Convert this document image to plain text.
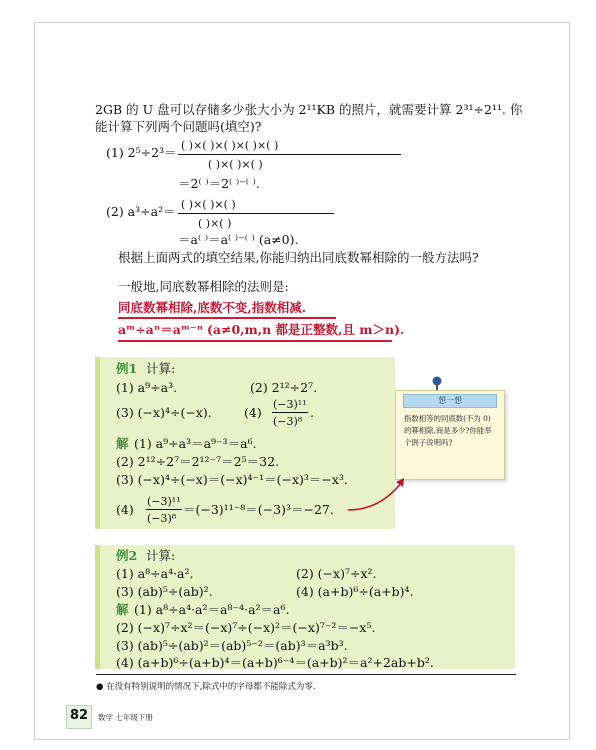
2GB 的 U 盘可以存储多少张大小为 2¹¹KB 的照片，就需要计算 2³¹÷2¹¹. 你
能计算下列两个问题吗(填空)?
(1) 2⁵÷2³＝ ( )×( )×( )×( )×( )
( )×( )×( )
＝2⁽ ⁾＝2⁽ ⁾⁻⁽ ⁾.
(2) a³÷a²＝ ( )×( )×( )
( )×( )
＝a⁽ ⁾＝a⁽ ⁾⁻⁽ ⁾ (a≠0).
根据上面两式的填空结果,你能归纳出同底数幂相除的一般方法吗?
一般地,同底数幂相除的法则是:
同底数幂相除,底数不变,指数相减.
aᵐ÷aⁿ＝aᵐ⁻ⁿ (a≠0,m,n 都是正整数,且 m＞n).
例1 计算:
(1) a⁹÷a³.	(2) 2¹²÷2⁷.
(3) (−x)⁴÷(−x).	(4)
(−3)¹¹
(−3)⁸
.
解 (1) a⁹÷a³＝a⁹⁻³＝a⁶.
(2) 2¹²÷2⁷＝2¹²⁻⁷＝2⁵＝32.
(3) (−x)⁴÷(−x)＝(−x)⁴⁻¹＝(−x)³＝−x³.
(4)
(−3)¹¹
(−3)⁸
＝(−3)¹¹⁻⁸＝(−3)³＝−27.
想一想
指数相等的同底数(不为 0)的幂相除,商是多少?你能举个例子说明吗?
例2 计算:
(1) a⁸÷a⁴·a².	(2) (−x)⁷÷x².
(3) (ab)⁵÷(ab)².	(4) (a+b)⁶÷(a+b)⁴.
解 (1) a⁸÷a⁴·a²＝a⁸⁻⁴·a²＝a⁶.
(2) (−x)⁷÷x²＝(−x)⁷÷(−x)²＝(−x)⁷⁻²＝−x⁵.
(3) (ab)⁵÷(ab)²＝(ab)⁵⁻²＝(ab)³＝a³b³.
(4) (a+b)⁶÷(a+b)⁴＝(a+b)⁶⁻⁴＝(a+b)²＝a²+2ab+b².
● 在没有特别说明的情况下,除式中的字母都不能除式为零.
82 数学 七年级下册
